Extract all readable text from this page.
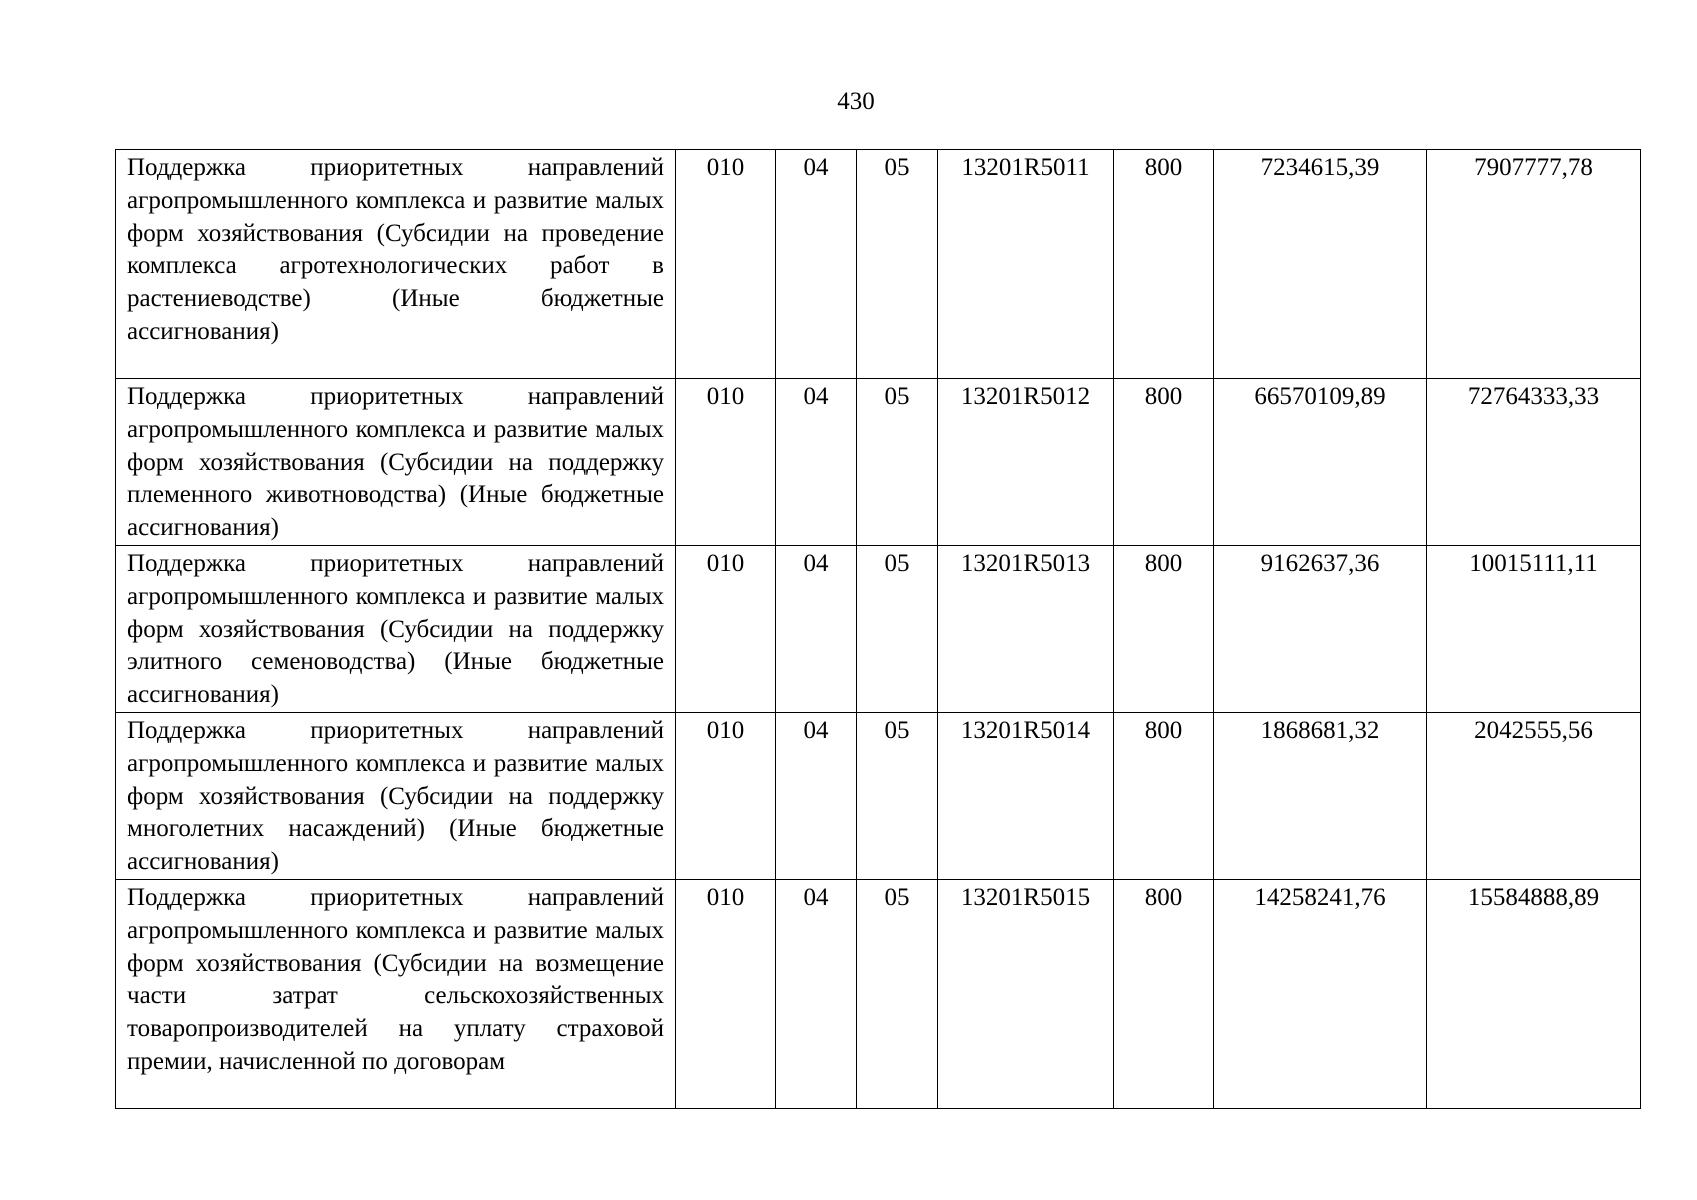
430
Поддержка приоритетных направлений агропромышленного комплекса и развитие малых форм хозяйствования (Субсидии на проведение комплекса агротехнологических работ в растениеводстве) (Иные бюджетные ассигнования)	010	04	05	13201R5011	800	7234615,39	7907777,78
Поддержка приоритетных направлений агропромышленного комплекса и развитие малых форм хозяйствования (Субсидии на поддержку племенного животноводства) (Иные бюджетные ассигнования)	010	04	05	13201R5012	800	66570109,89	72764333,33
Поддержка приоритетных направлений агропромышленного комплекса и развитие малых форм хозяйствования (Субсидии на поддержку элитного семеноводства) (Иные бюджетные ассигнования)	010	04	05	13201R5013	800	9162637,36	10015111,11
Поддержка приоритетных направлений агропромышленного комплекса и развитие малых форм хозяйствования (Субсидии на поддержку многолетних насаждений) (Иные бюджетные ассигнования)	010	04	05	13201R5014	800	1868681,32	2042555,56
Поддержка приоритетных направлений агропромышленного комплекса и развитие малых форм хозяйствования (Субсидии на возмещение части затрат сельскохозяйственных товаропроизводителей на уплату страховой премии, начисленной по договорам	010	04	05	13201R5015	800	14258241,76	15584888,89
